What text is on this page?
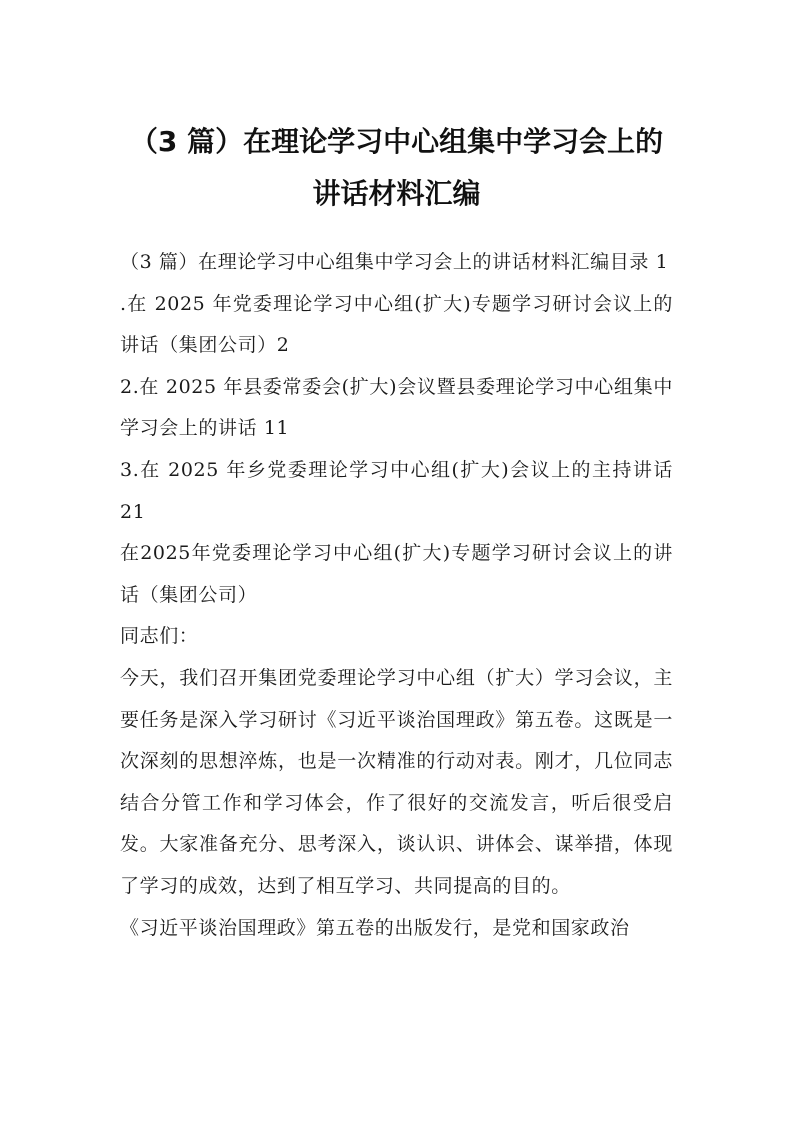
（3 篇）在理论学习中心组集中学习会上的
讲话材料汇编

（3 篇）在理论学习中心组集中学习会上的讲话材料汇编目录 1

.在 2025 年党委理论学习中心组(扩大)专题学习研讨会议上的讲话（集团公司）2

2.在 2025 年县委常委会(扩大)会议暨县委理论学习中心组集中学习会上的讲话 11

3.在 2025 年乡党委理论学习中心组(扩大)会议上的主持讲话 21

在2025年党委理论学习中心组(扩大)专题学习研讨会议上的讲话（集团公司）

同志们：

今天，我们召开集团党委理论学习中心组（扩大）学习会议，主要任务是深入学习研讨《习近平谈治国理政》第五卷。这既是一次深刻的思想淬炼，也是一次精准的行动对表。刚才，几位同志结合分管工作和学习体会，作了很好的交流发言，听后很受启发。大家准备充分、思考深入，谈认识、讲体会、谋举措，体现了学习的成效，达到了相互学习、共同提高的目的。

《习近平谈治国理政》第五卷的出版发行，是党和国家政治
